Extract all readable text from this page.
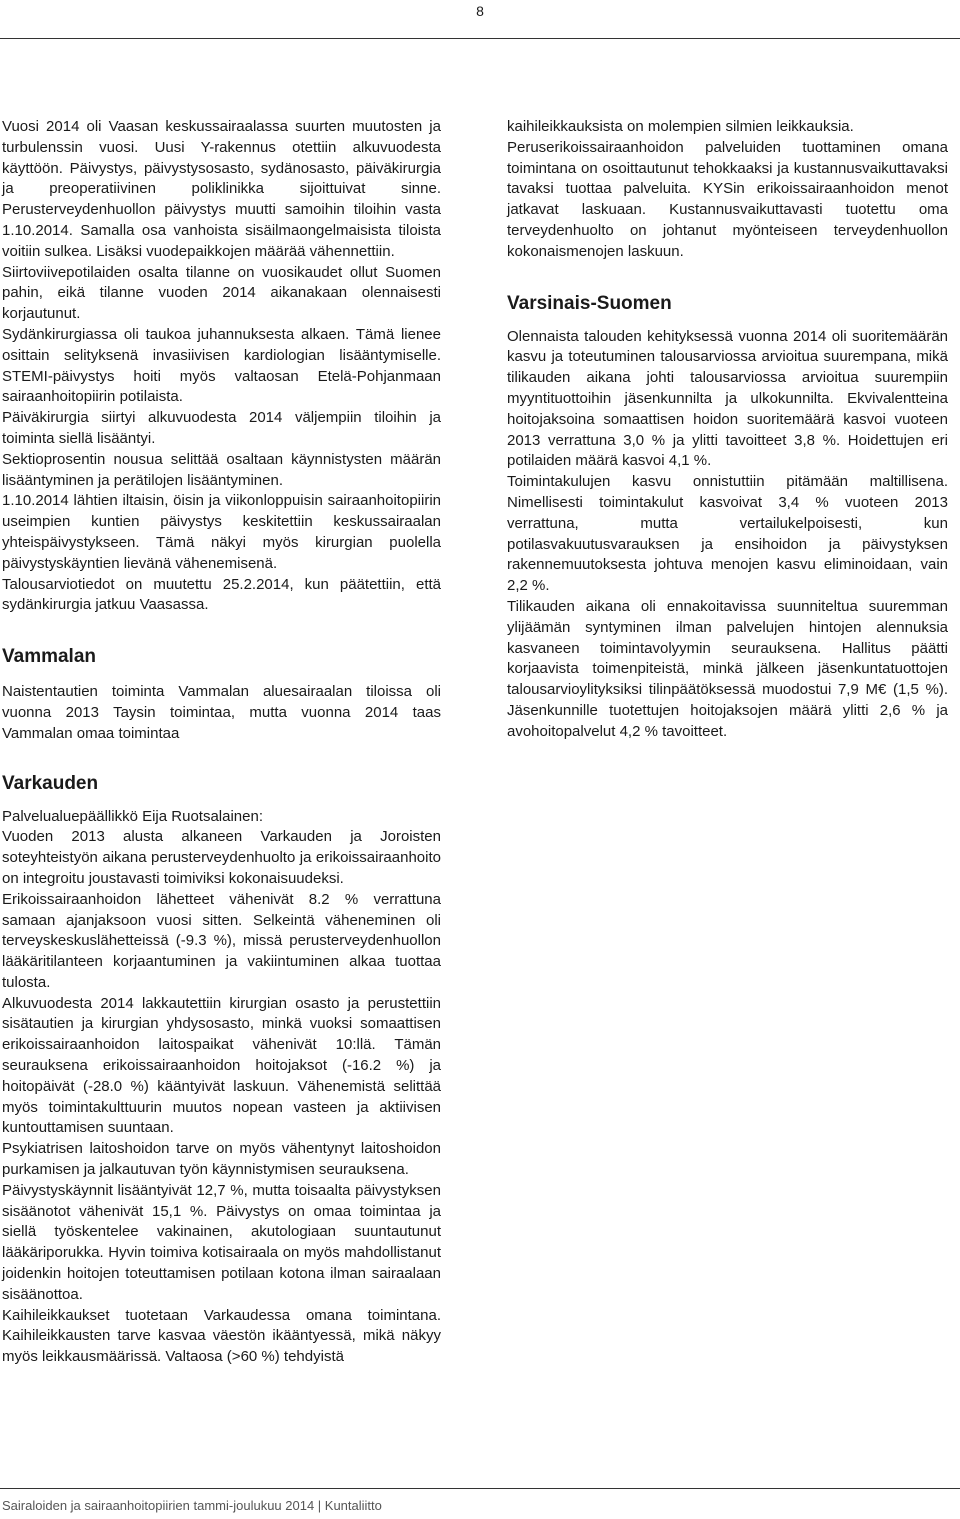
8

Vuosi 2014 oli Vaasan keskussairaalassa suurten muutosten ja turbulenssin vuosi. Uusi Y-rakennus otettiin alkuvuodesta käyttöön. Päivystys, päivystysosasto, sydänosasto, päiväkirurgia ja preoperatiivinen poliklinikka sijoittuivat sinne. Perusterveydenhuollon päivystys muutti samoihin tiloihin vasta 1.10.2014. Samalla osa vanhoista sisäilmaongelmaisista tiloista voitiin sulkea. Lisäksi vuodepaikkojen määrää vähennettiin.

Siirtoviivepotilaiden osalta tilanne on vuosikaudet ollut Suomen pahin, eikä tilanne vuoden 2014 aikanakaan olennaisesti korjautunut.

Sydänkirurgiassa oli taukoa juhannuksesta alkaen. Tämä lienee osittain selityksenä invasiivisen kardiologian lisääntymiselle. STEMI-päivystys hoiti myös valtaosan Etelä-Pohjanmaan sairaanhoitopiirin potilaista.

Päiväkirurgia siirtyi alkuvuodesta 2014 väljempiin tiloihin ja toiminta siellä lisääntyi.

Sektioprosentin nousua selittää osaltaan käynnistysten määrän lisääntyminen ja perätilojen lisääntyminen.

1.10.2014 lähtien iltaisin, öisin ja viikonloppuisin sairaanhoitopiirin useimpien kuntien päivystys keskitettiin keskussairaalan yhteispäivystykseen. Tämä näkyi myös kirurgian puolella päivystyskäyntien lievänä vähenemisenä.

Talousarviotiedot on muutettu 25.2.2014, kun päätettiin, että sydänkirurgia jatkuu Vaasassa.

Vammalan

Naistentautien toiminta Vammalan aluesairaalan tiloissa oli vuonna 2013 Taysin toimintaa, mutta vuonna 2014 taas Vammalan omaa toimintaa

Varkauden

Palvelualuepäällikkö Eija Ruotsalainen:

Vuoden 2013 alusta alkaneen Varkauden ja Joroisten soteyhteistyön aikana perusterveydenhuolto ja erikoissairaanhoito on integroitu joustavasti toimiviksi kokonaisuudeksi.

Erikoissairaanhoidon lähetteet vähenivät 8.2 % verrattuna samaan ajanjaksoon vuosi sitten. Selkeintä väheneminen oli terveyskeskuslähetteissä (-9.3 %), missä perusterveydenhuollon lääkäritilanteen korjaantuminen ja vakiintuminen alkaa tuottaa tulosta.

Alkuvuodesta 2014 lakkautettiin kirurgian osasto ja perustettiin sisätautien ja kirurgian yhdysosasto, minkä vuoksi somaattisen erikoissairaanhoidon laitospaikat vähenivät 10:llä. Tämän seurauksena erikoissairaanhoidon hoitojaksot (-16.2 %) ja hoitopäivät (-28.0 %) kääntyivät laskuun. Vähenemistä selittää myös toimintakulttuurin muutos nopean vasteen ja aktiivisen kuntouttamisen suuntaan.

Psykiatrisen laitoshoidon tarve on myös vähentynyt laitoshoidon purkamisen ja jalkautuvan työn käynnistymisen seurauksena.

Päivystyskäynnit lisääntyivät 12,7 %, mutta toisaalta päivystyksen sisäänotot vähenivät 15,1 %. Päivystys on omaa toimintaa ja siellä työskentelee vakinainen, akutologiaan suuntautunut lääkäriporukka. Hyvin toimiva kotisairaala on myös mahdollistanut joidenkin hoitojen toteuttamisen potilaan kotona ilman sairaalaan sisäänottoa.

Kaihileikkaukset tuotetaan Varkaudessa omana toimintana. Kaihileikkausten tarve kasvaa väestön ikääntyessä, mikä näkyy myös leikkausmäärissä. Valtaosa (>60 %) tehdyistä

kaihileikkauksista on molempien silmien leikkauksia.

Peruserikoissairaanhoidon palveluiden tuottaminen omana toimintana on osoittautunut tehokkaaksi ja kustannusvaikuttavaksi tavaksi tuottaa palveluita. KYSin erikoissairaanhoidon menot jatkavat laskuaan. Kustannusvaikuttavasti tuotettu oma terveydenhuolto on johtanut myönteiseen terveydenhuollon kokonaismenojen laskuun.

Varsinais-Suomen

Olennaista talouden kehityksessä vuonna 2014 oli suoritemäärän kasvu ja toteutuminen talousarviossa arvioitua suurempana, mikä tilikauden aikana johti talousarviossa arvioitua suurempiin myyntituottoihin jäsenkunnilta ja ulkokunnilta. Ekvivalentteina hoitojaksoina somaattisen hoidon suoritemäärä kasvoi vuoteen 2013 verrattuna 3,0 % ja ylitti tavoitteet 3,8 %. Hoidettujen eri potilaiden määrä kasvoi 4,1 %.

Toimintakulujen kasvu onnistuttiin pitämään maltillisena. Nimellisesti toimintakulut kasvoivat 3,4 % vuoteen 2013 verrattuna, mutta vertailukelpoisesti, kun potilasvakuutusvarauksen ja ensihoidon ja päivystyksen rakennemuutoksesta johtuva menojen kasvu eliminoidaan, vain 2,2 %.

Tilikauden aikana oli ennakoitavissa suunniteltua suuremman ylijäämän syntyminen ilman palvelujen hintojen alennuksia kasvaneen toimintavolyymin seurauksena. Hallitus päätti korjaavista toimenpiteistä, minkä jälkeen jäsenkuntatuottojen talousarvioylityksiksi tilinpäätöksessä muodostui 7,9 M€ (1,5 %). Jäsenkunnille tuotettujen hoitojaksojen määrä ylitti 2,6 % ja avohoitopalvelut 4,2 % tavoitteet.

Sairaloiden ja sairaanhoitopiirien tammi-joulukuu 2014 | Kuntaliitto
